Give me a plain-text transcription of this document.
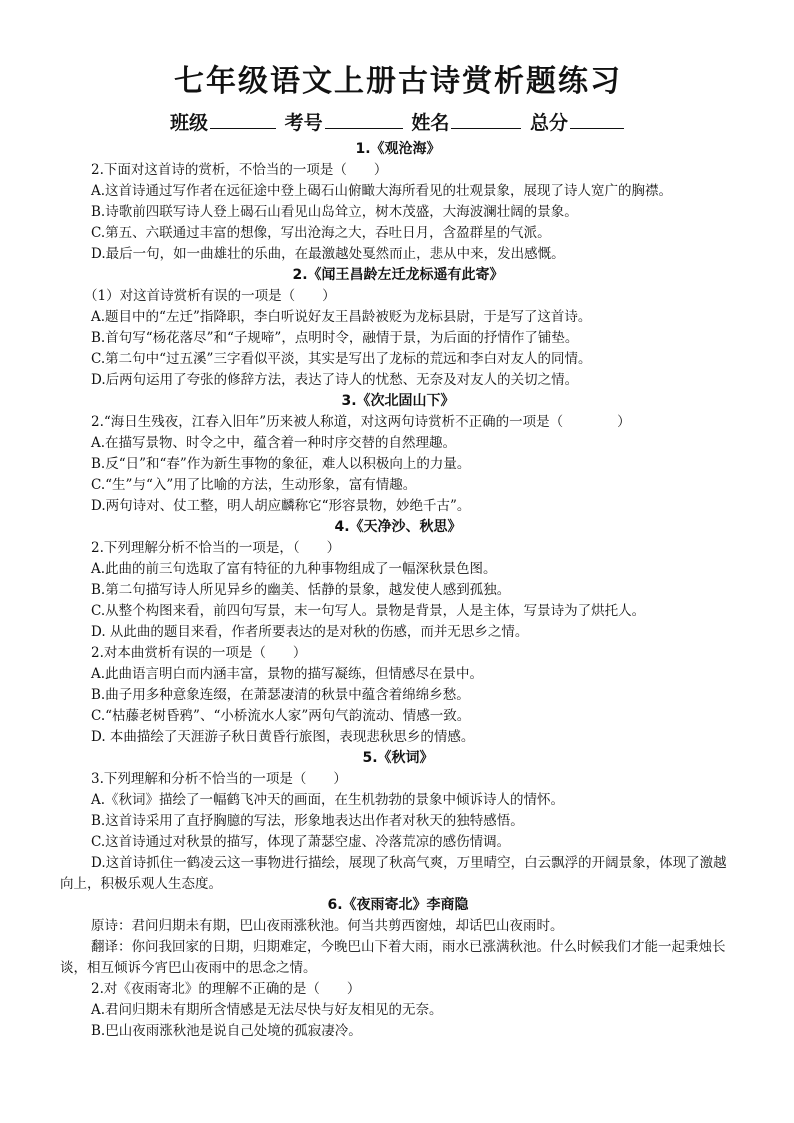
七年级语文上册古诗赏析题练习
班级	考号	姓名	总分
1.《观沧海》
2.下面对这首诗的赏析，不恰当的一项是（　　）
A.这首诗通过写作者在远征途中登上碣石山俯瞰大海所看见的壮观景象，展现了诗人宽广的胸襟。
B.诗歌前四联写诗人登上碣石山看见山岛耸立，树木茂盛，大海波澜壮阔的景象。
C.第五、六联通过丰富的想像，写出沧海之大，吞吐日月，含盈群星的气派。
D.最后一句，如一曲雄壮的乐曲，在最激越处戛然而止，悲从中来，发出感慨。
2.《闻王昌龄左迁龙标遥有此寄》
（1）对这首诗赏析有误的一项是（　　）
A.题目中的“左迁”指降职，李白听说好友王昌龄被贬为龙标县尉，于是写了这首诗。
B.首句写“杨花落尽”和“子规啼”，点明时令，融情于景，为后面的抒情作了铺垫。
C.第二句中“过五溪”三字看似平淡，其实是写出了龙标的荒远和李白对友人的同情。
D.后两句运用了夸张的修辞方法，表达了诗人的忧愁、无奈及对友人的关切之情。
3.《次北固山下》
2.“海日生残夜，江春入旧年”历来被人称道，对这两句诗赏析不正确的一项是（　　　　）
A.在描写景物、时令之中，蕴含着一种时序交替的自然理趣。
B.反“日”和“春”作为新生事物的象征，难人以积极向上的力量。
C.“生”与“入”用了比喻的方法，生动形象，富有情趣。
D.两句诗对、仗工整，明人胡应麟称它“形容景物，妙绝千古”。
4.《天净沙、秋思》
2.下列理解分析不恰当的一项是，（　　）
A.此曲的前三句选取了富有特征的九种事物组成了一幅深秋景色图。
B.第二句描写诗人所见异乡的幽美、恬静的景象，越发使人感到孤独。
C.从整个构图来看，前四句写景，末一句写人。景物是背景，人是主体，写景诗为了烘托人。
D. 从此曲的题目来看，作者所要表达的是对秋的伤感，而并无思乡之情。
2.对本曲赏析有误的一项是（　　）
A.此曲语言明白而内涵丰富，景物的描写凝练，但情感尽在景中。
B.曲子用多种意象连缀，在萧瑟凄清的秋景中蕴含着绵绵乡愁。
C.“枯藤老树昏鸦”、“小桥流水人家”两句气韵流动、情感一致。
D. 本曲描绘了天涯游子秋日黄昏行旅图，表现悲秋思乡的情感。
5.《秋词》
3.下列理解和分析不恰当的一项是（　　）
A.《秋词》描绘了一幅鹤飞冲天的画面，在生机勃勃的景象中倾诉诗人的情怀。
B.这首诗采用了直抒胸臆的写法，形象地表达出作者对秋天的独特感悟。
C.这首诗通过对秋景的描写，体现了萧瑟空虚、冷落荒凉的感伤情调。
D.这首诗抓住一鹤凌云这一事物进行描绘，展现了秋高气爽，万里晴空，白云飘浮的开阔景象，体现了激越向上，积极乐观人生态度。
6.《夜雨寄北》李商隐
原诗：君问归期未有期，巴山夜雨涨秋池。何当共剪西窗烛，却话巴山夜雨时。
翻译：你问我回家的日期，归期难定，今晚巴山下着大雨，雨水已涨满秋池。什么时候我们才能一起秉烛长谈，相互倾诉今宵巴山夜雨中的思念之情。
2.对《夜雨寄北》的理解不正确的是（　　）
A.君问归期未有期所含情感是无法尽快与好友相见的无奈。
B.巴山夜雨涨秋池是说自己处境的孤寂凄冷。
